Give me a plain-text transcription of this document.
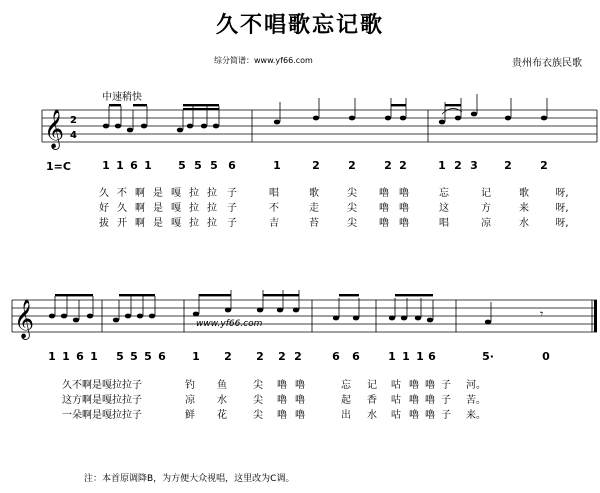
久不唱歌忘记歌
综分简谱：www.yf66.com	贵州布衣族民歌
中速稍快
1=C
𝄞
𝄞	𝄾
2
4
www.yf66.com
1 1 6 1 5 5 5 6	1	2	2	2 2	1 2 3 2	2
久 不 啊 是 嘎 拉 拉 子	唱	歌	尖 嚕 嚕	忘	记	歌	呀,
好 久 啊 是 嘎 拉 拉 子	不	走	尖 嚕 嚕	这	方	来	呀,
拔 开 啊 是 嘎 拉 拉 子	吉	苔	尖 嚕 嚕	唱	凉	水	呀,
1 1 6 1 5 5 5 6 1 2 2 2 2	6 6	1 1 1 6	5·	0
久不啊是嘎拉拉子	钓 鱼	尖 嚕 嚕	忘 记 咕 嚕 嚕 子 河。
这方啊是嘎拉拉子	凉 水	尖 嚕 嚕	起 香 咕 嚕 嚕 子 苦。
一朵啊是嘎拉拉子	鲜 花	尖 嚕 嚕	出 水 咕 嚕 嚕 子 来。
注：本首原调降B，为方便大众视唱，这里改为C调。
